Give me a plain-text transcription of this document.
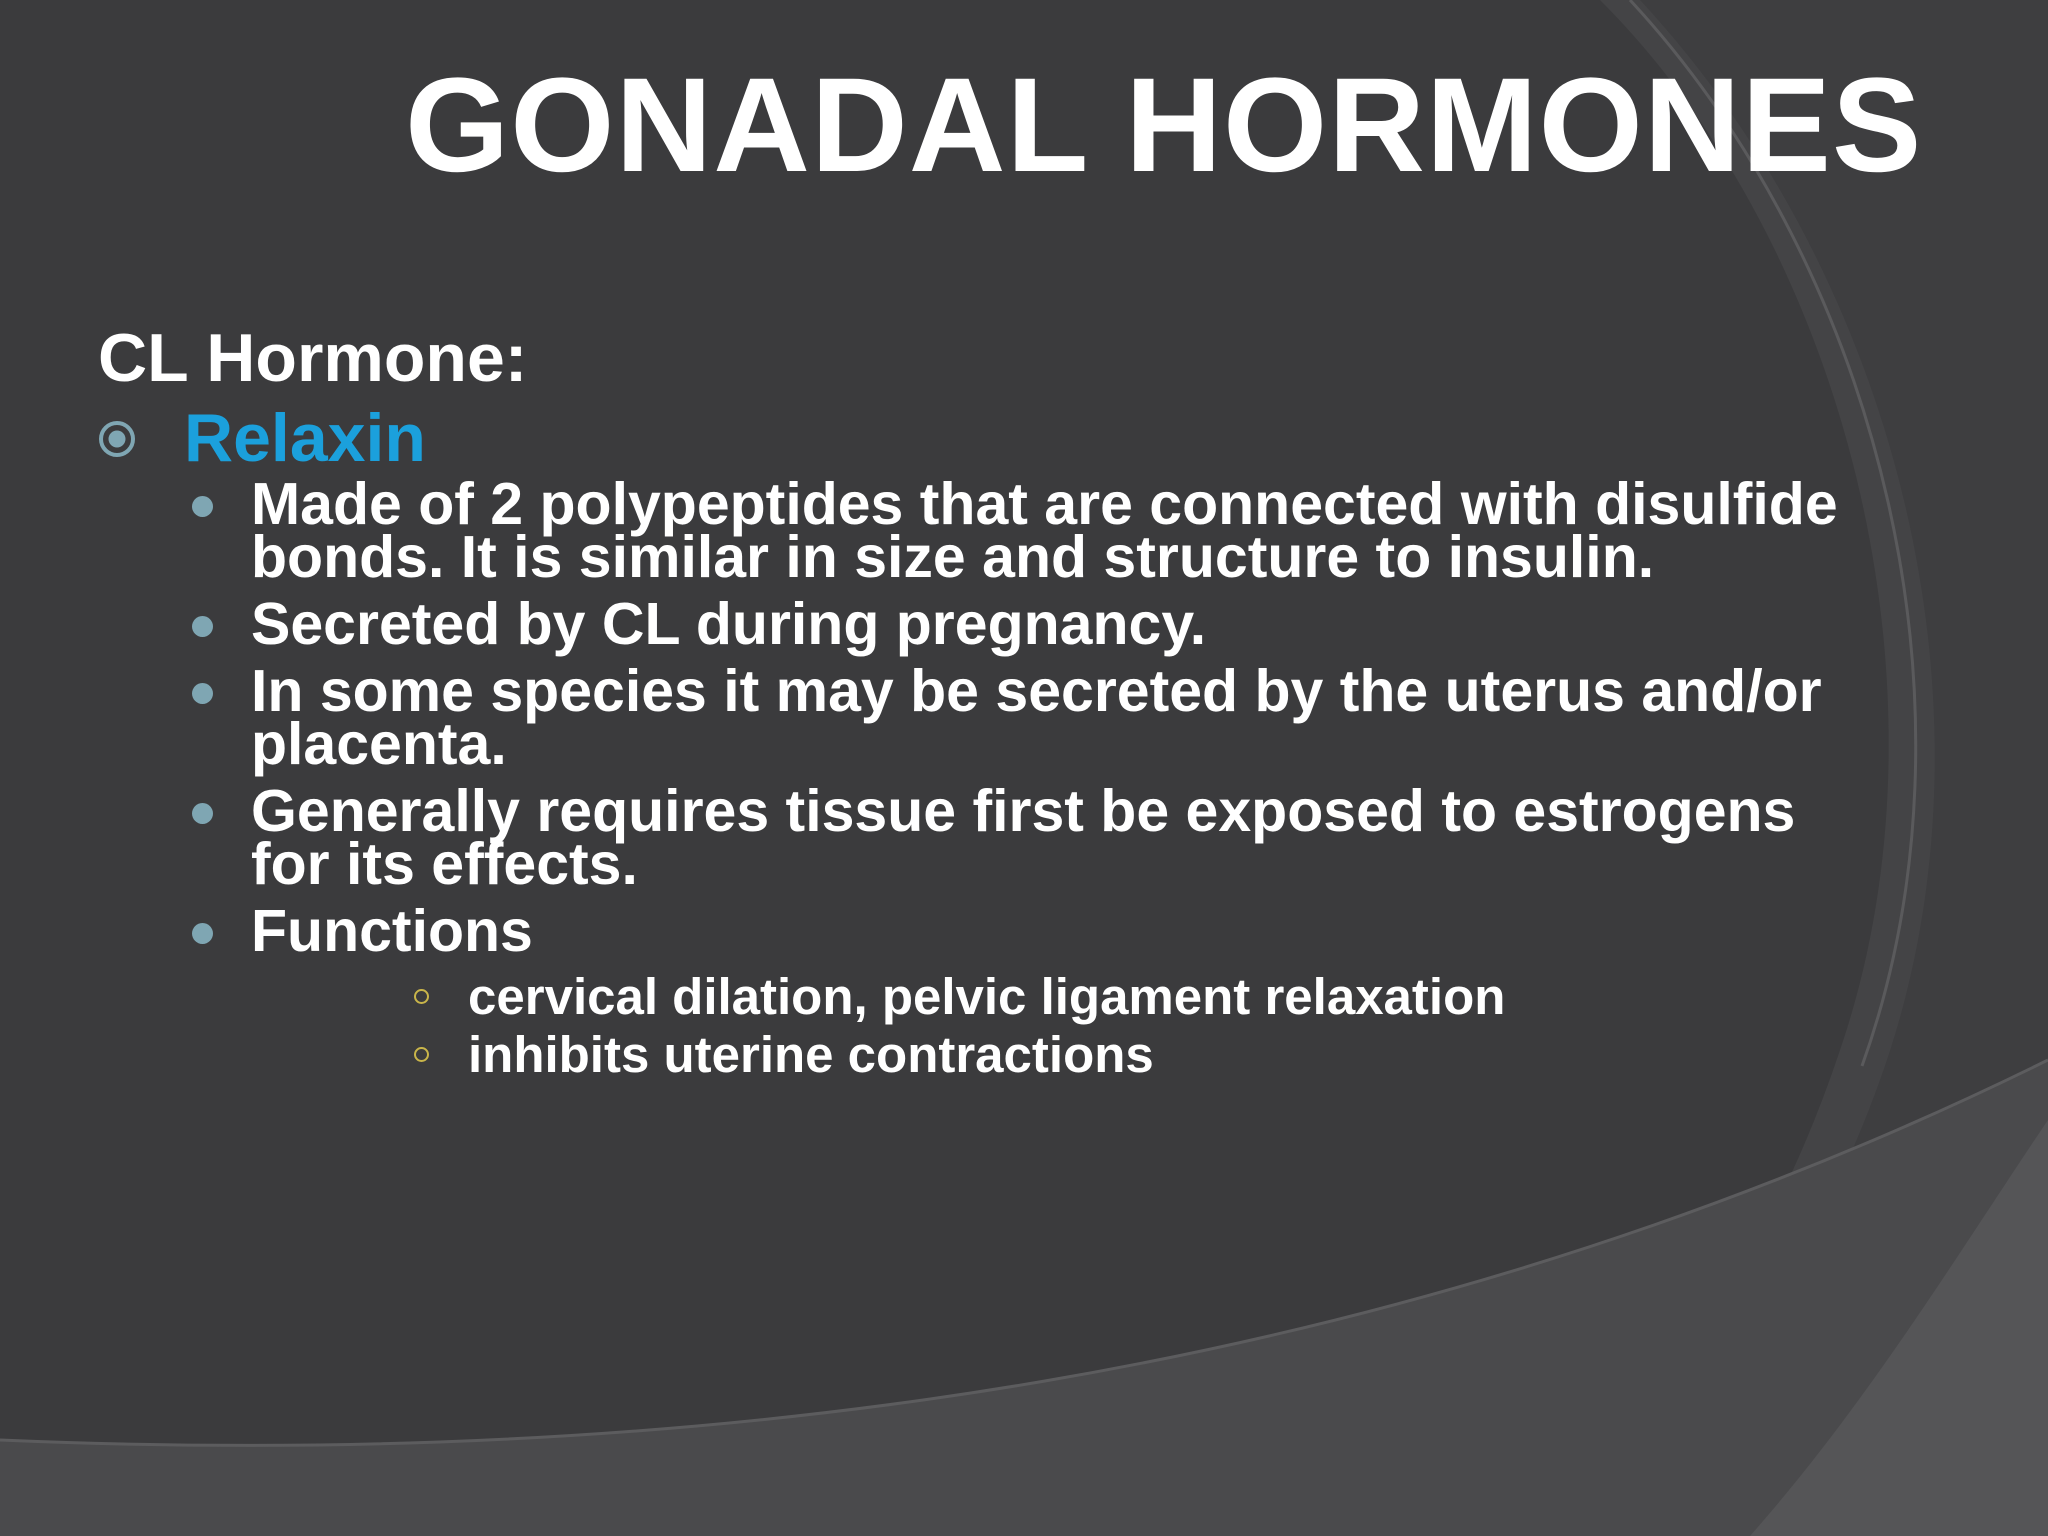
GONADAL HORMONES
CL Hormone:
Relaxin
Made of 2 polypeptides that are connected with disulfide bonds. It is similar in size and structure to insulin.
Secreted by CL during pregnancy.
In some species it may be secreted by the uterus and/or placenta.
Generally requires tissue first be exposed to estrogens for its effects.
Functions
cervical dilation, pelvic ligament relaxation
inhibits uterine contractions
